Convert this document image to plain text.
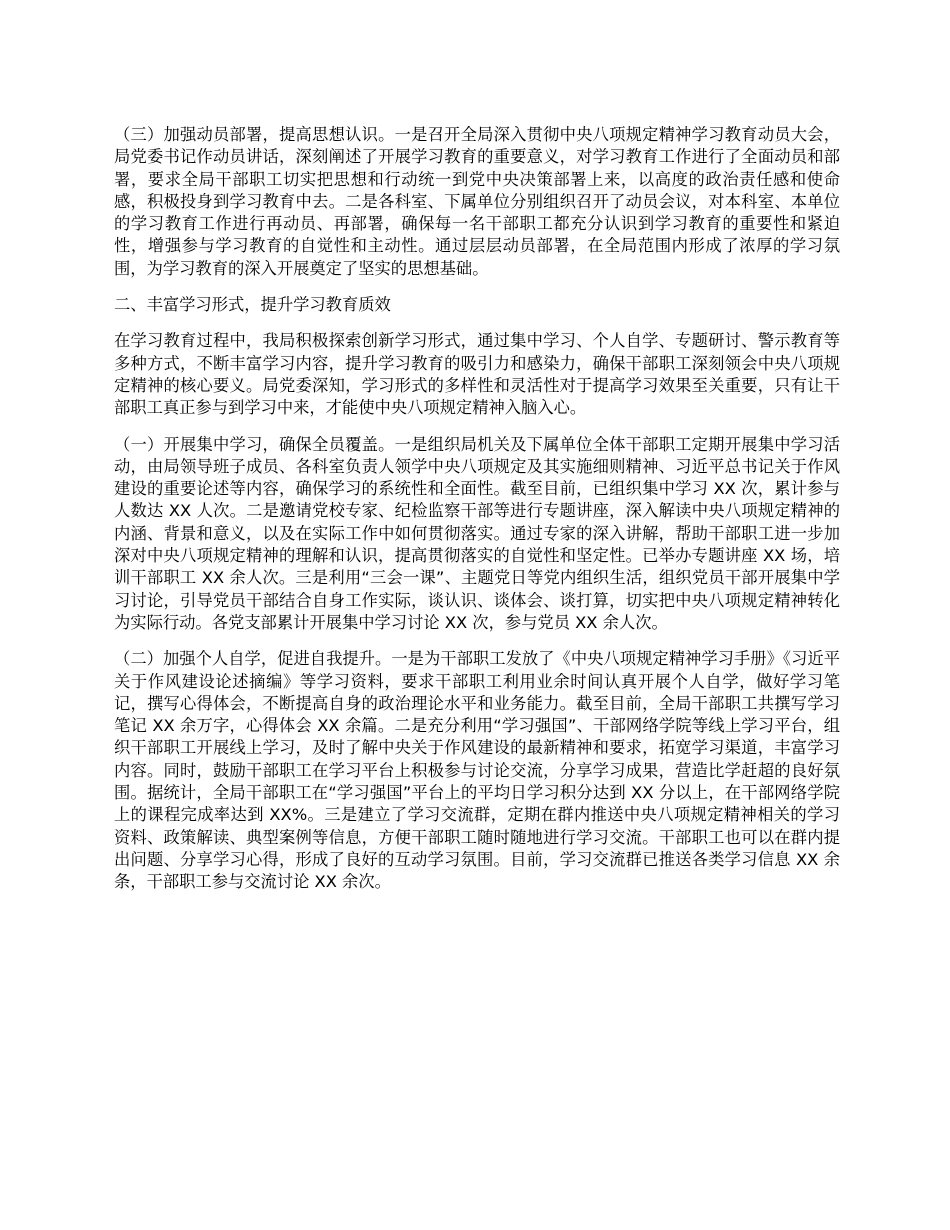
（三）加强动员部署，提高思想认识。一是召开全局深入贯彻中央八项规定精神学习教育动员大会，局党委书记作动员讲话，深刻阐述了开展学习教育的重要意义，对学习教育工作进行了全面动员和部署，要求全局干部职工切实把思想和行动统一到党中央决策部署上来，以高度的政治责任感和使命感，积极投身到学习教育中去。二是各科室、下属单位分别组织召开了动员会议，对本科室、本单位的学习教育工作进行再动员、再部署，确保每一名干部职工都充分认识到学习教育的重要性和紧迫性，增强参与学习教育的自觉性和主动性。通过层层动员部署，在全局范围内形成了浓厚的学习氛围，为学习教育的深入开展奠定了坚实的思想基础。

二、丰富学习形式，提升学习教育质效

在学习教育过程中，我局积极探索创新学习形式，通过集中学习、个人自学、专题研讨、警示教育等多种方式，不断丰富学习内容，提升学习教育的吸引力和感染力，确保干部职工深刻领会中央八项规定精神的核心要义。局党委深知，学习形式的多样性和灵活性对于提高学习效果至关重要，只有让干部职工真正参与到学习中来，才能使中央八项规定精神入脑入心。

（一）开展集中学习，确保全员覆盖。一是组织局机关及下属单位全体干部职工定期开展集中学习活动，由局领导班子成员、各科室负责人领学中央八项规定及其实施细则精神、习近平总书记关于作风建设的重要论述等内容，确保学习的系统性和全面性。截至目前，已组织集中学习 XX 次，累计参与人数达 XX 人次。二是邀请党校专家、纪检监察干部等进行专题讲座，深入解读中央八项规定精神的内涵、背景和意义，以及在实际工作中如何贯彻落实。通过专家的深入讲解，帮助干部职工进一步加深对中央八项规定精神的理解和认识，提高贯彻落实的自觉性和坚定性。已举办专题讲座 XX 场，培训干部职工 XX 余人次。三是利用“三会一课”、主题党日等党内组织生活，组织党员干部开展集中学习讨论，引导党员干部结合自身工作实际，谈认识、谈体会、谈打算，切实把中央八项规定精神转化为实际行动。各党支部累计开展集中学习讨论 XX 次，参与党员 XX 余人次。

（二）加强个人自学，促进自我提升。一是为干部职工发放了《中央八项规定精神学习手册》《习近平关于作风建设论述摘编》等学习资料，要求干部职工利用业余时间认真开展个人自学，做好学习笔记，撰写心得体会，不断提高自身的政治理论水平和业务能力。截至目前，全局干部职工共撰写学习笔记 XX 余万字，心得体会 XX 余篇。二是充分利用“学习强国”、干部网络学院等线上学习平台，组织干部职工开展线上学习，及时了解中央关于作风建设的最新精神和要求，拓宽学习渠道，丰富学习内容。同时，鼓励干部职工在学习平台上积极参与讨论交流，分享学习成果，营造比学赶超的良好氛围。据统计，全局干部职工在“学习强国”平台上的平均日学习积分达到 XX 分以上，在干部网络学院上的课程完成率达到 XX%。三是建立了学习交流群，定期在群内推送中央八项规定精神相关的学习资料、政策解读、典型案例等信息，方便干部职工随时随地进行学习交流。干部职工也可以在群内提出问题、分享学习心得，形成了良好的互动学习氛围。目前，学习交流群已推送各类学习信息 XX 余条，干部职工参与交流讨论 XX 余次。
